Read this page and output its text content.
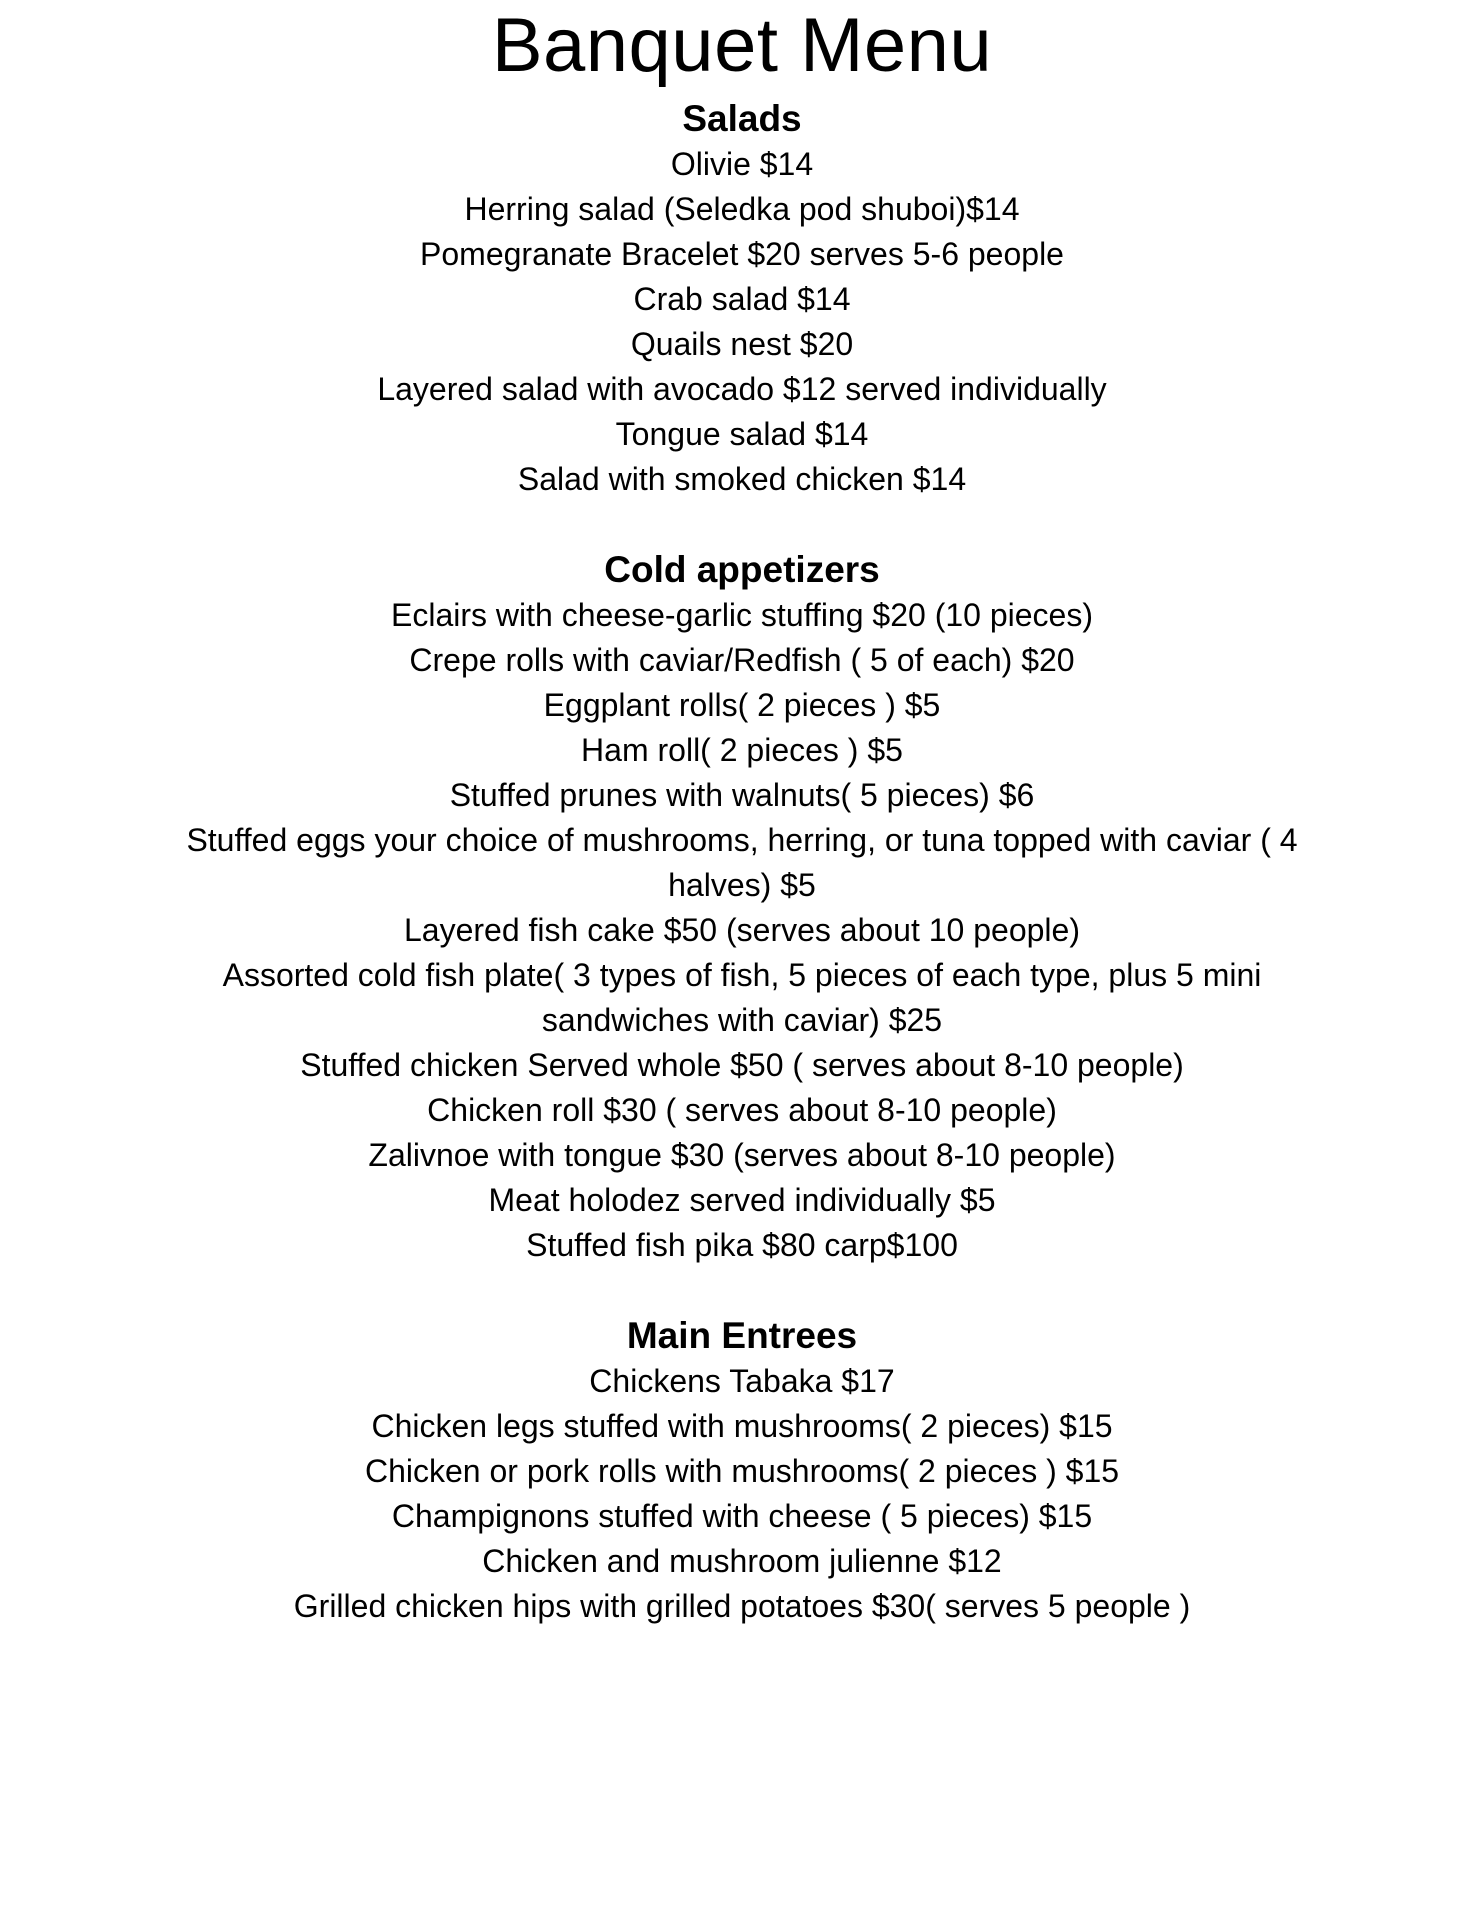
Banquet Menu
Salads
Olivie $14
Herring salad (Seledka pod shuboi)$14
Pomegranate Bracelet $20 serves 5-6 people
Crab salad $14
Quails nest $20
Layered salad with avocado $12 served individually
Tongue salad $14
Salad with smoked chicken $14
Cold appetizers
Eclairs with cheese-garlic stuffing $20 (10 pieces)
Crepe rolls with caviar/Redfish ( 5 of each) $20
Eggplant rolls( 2 pieces ) $5
Ham roll( 2 pieces ) $5
Stuffed prunes with walnuts( 5 pieces) $6
Stuffed eggs your choice of mushrooms, herring, or tuna topped with caviar ( 4 halves) $5
Layered fish cake $50 (serves about 10 people)
Assorted cold fish plate( 3 types of fish, 5 pieces of each type, plus 5 mini sandwiches with caviar) $25
Stuffed chicken Served whole $50 ( serves about 8-10 people)
Chicken roll $30 ( serves about 8-10 people)
Zalivnoe with tongue $30 (serves about 8-10 people)
Meat holodez served individually $5
Stuffed fish pika $80 carp$100
Main Entrees
Chickens Tabaka $17
Chicken legs stuffed with mushrooms( 2 pieces) $15
Chicken or pork rolls with mushrooms( 2 pieces ) $15
Champignons stuffed with cheese ( 5 pieces) $15
Chicken and mushroom julienne $12
Grilled chicken hips with grilled potatoes $30( serves 5 people )
